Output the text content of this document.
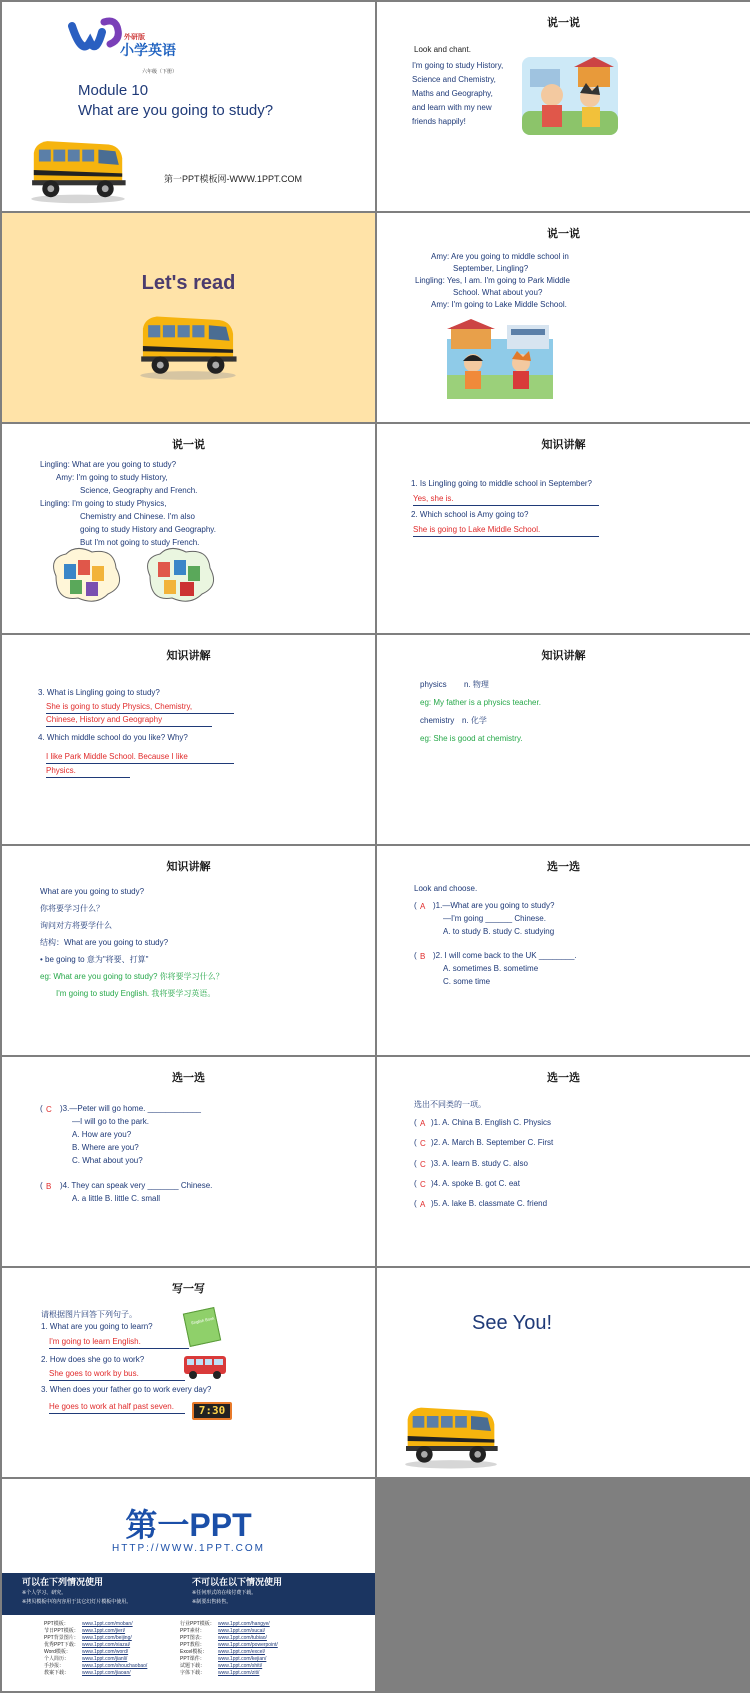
外研版
小学英语
六年级（下册）
Module 10
What are you going to study?
第一PPT模板网-WWW.1PPT.COM
说一说
Look and chant.
I'm going to study History,
Science and Chemistry,
Maths and Geography,
and learn with my new
friends happily!
Let's read
说一说
Amy: Are you going to middle school in
September, Lingling?
Lingling: Yes, I am. I'm going to Park Middle
School. What about you?
Amy: I'm going to Lake Middle School.
说一说
Lingling: What are you going to study?
Amy: I'm going to study History,
Science, Geography and French.
Lingling: I'm going to study Physics,
Chemistry and Chinese. I'm also
going to study History and Geography.
But I'm not going to study French.
知识讲解
1. Is Lingling going to middle school in September?
Yes, she is.
2. Which school is Amy going to?
She is going to Lake Middle School.
知识讲解
3. What is Lingling going to study?
She is going to study Physics, Chemistry,
Chinese, History and Geography
4. Which middle school do you like? Why?
I like Park Middle School. Because I like
Physics.
知识讲解
physics n. 物理
eg: My father is a physics teacher.
chemistry n. 化学
eg: She is good at chemistry.
知识讲解
What are you going to study?
你将要学习什么？
询问对方将要学什么
结构：What are you going to study?
• be going to 意为"将要、打算"
eg: What are you going to study? 你将要学习什么？
I'm going to study English. 我将要学习英语。
选一选
Look and choose.
( A )1.—What are you going to study?
—I'm going ______ Chinese.
A. to study B. study C. studying
( B )2. I will come back to the UK ________.
A. sometimes B. sometime
C. some time
选一选
( C )3.—Peter will go home. ____________
—I will go to the park.
A. How are you?
B. Where are you?
C. What about you?
( B )4. They can speak very _______ Chinese.
A. a little B. little C. small
选一选
选出不同类的一项。
( A )1. A. China B. English C. Physics
( C )2. A. March B. September C. First
( C )3. A. learn B. study C. also
( C )4. A. spoke B. got C. eat
( A )5. A. lake B. classmate C. friend
写一写
请根据图片回答下列句子。
1. What are you going to learn?
I'm going to learn English.
English Book
2. How does she go to work?
She goes to work by bus.
3. When does your father go to work every day?
He goes to work at half past seven.	7:30
See You!
第一PPT
HTTP://WWW.1PPT.COM
可以在下列情况使用
※个人学习、研究。
※拷贝模板中的内容用于其它幻灯片模板中使用。
不可以在以下情况使用
※任何形式的在线付费下载。
※制要出售转售。
PPT模板：	www.1ppt.com/moban/
节日PPT模板： www.1ppt.com/jieri/
PPT背景图片： www.1ppt.com/beijing/
优秀PPT下载： www.1ppt.com/xiazai/
Word模板： www.1ppt.com/word/
个人简历：	www.1ppt.com/jianli/
手抄报：	www.1ppt.com/shouchaobao/
教案下载：	www.1ppt.com/jiaoan/
行业PPT模板： www.1ppt.com/hangye/
PPT素材：	www.1ppt.com/sucai/
PPT图表：	www.1ppt.com/tubiao/
PPT教程：	www.1ppt.com/powerpoint/
Excel模板： www.1ppt.com/excel/
PPT课件：	www.1ppt.com/kejian/
试题下载：	www.1ppt.com/shiti/
字体下载：	www.1ppt.com/ziti/
